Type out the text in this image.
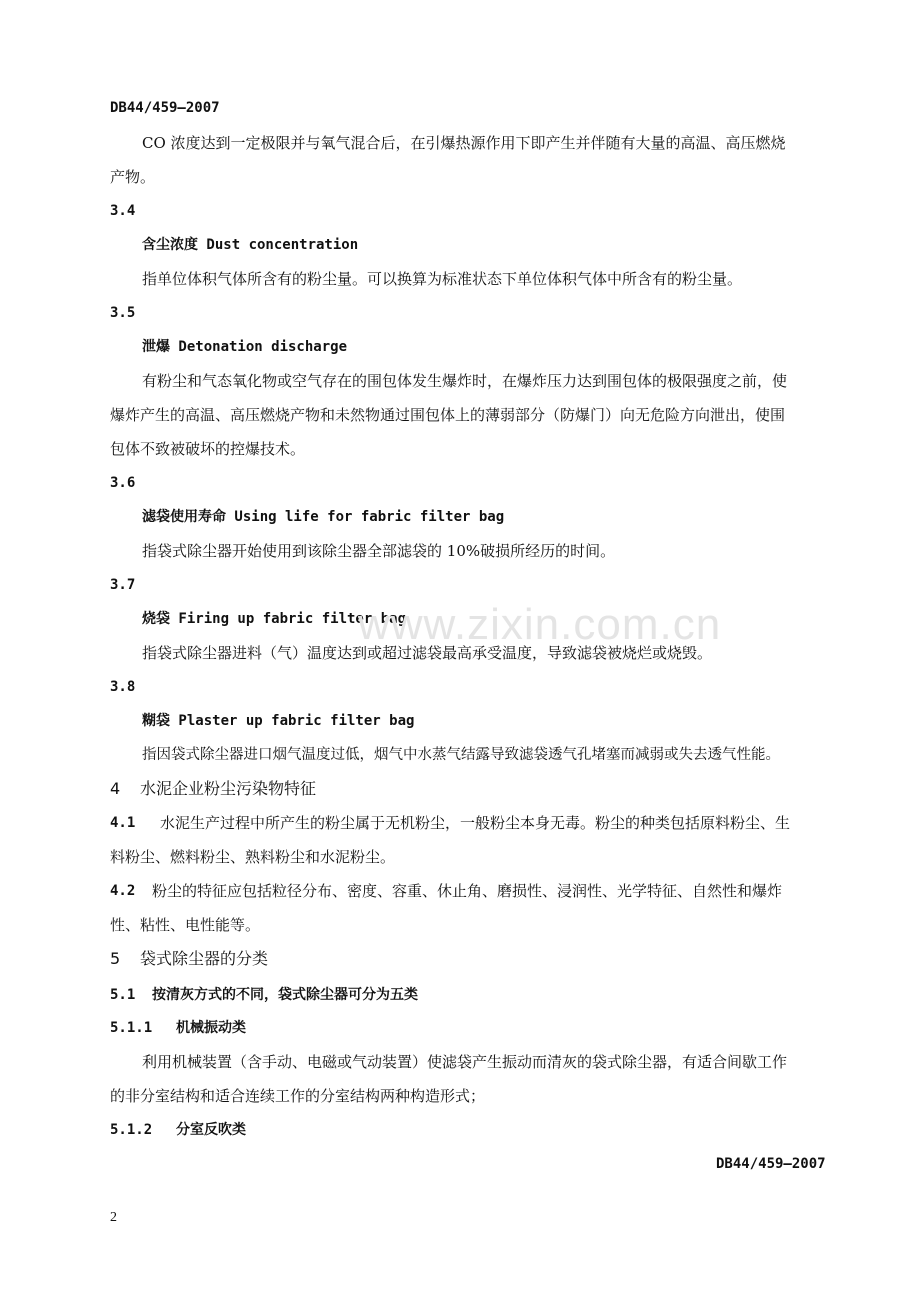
DB44/459—2007
CO 浓度达到一定极限并与氧气混合后，在引爆热源作用下即产生并伴随有大量的高温、高压燃烧
产物。
3.4
含尘浓度 Dust concentration
指单位体积气体所含有的粉尘量。可以换算为标准状态下单位体积气体中所含有的粉尘量。
3.5
泄爆 Detonation discharge
有粉尘和气态氧化物或空气存在的围包体发生爆炸时，在爆炸压力达到围包体的极限强度之前，使
爆炸产生的高温、高压燃烧产物和未然物通过围包体上的薄弱部分（防爆门）向无危险方向泄出，使围
包体不致被破坏的控爆技术。
3.6
滤袋使用寿命 Using life for fabric filter bag
指袋式除尘器开始使用到该除尘器全部滤袋的 10%破损所经历的时间。
3.7
烧袋 Firing up fabric filter bag
指袋式除尘器进料（气）温度达到或超过滤袋最高承受温度，导致滤袋被烧烂或烧毁。
www.zixin.com.cn
3.8
糊袋 Plaster up fabric filter bag
指因袋式除尘器进口烟气温度过低，烟气中水蒸气结露导致滤袋透气孔堵塞而减弱或失去透气性能。
4 水泥企业粉尘污染物特征
4.1 水泥生产过程中所产生的粉尘属于无机粉尘，一般粉尘本身无毒。粉尘的种类包括原料粉尘、生
料粉尘、燃料粉尘、熟料粉尘和水泥粉尘。
4.2 粉尘的特征应包括粒径分布、密度、容重、休止角、磨损性、浸润性、光学特征、自然性和爆炸
性、粘性、电性能等。
5 袋式除尘器的分类
5.1 按清灰方式的不同，袋式除尘器可分为五类
5.1.1 机械振动类
利用机械装置（含手动、电磁或气动装置）使滤袋产生振动而清灰的袋式除尘器，有适合间歇工作
的非分室结构和适合连续工作的分室结构两种构造形式；
5.1.2 分室反吹类
DB44/459—2007
2
